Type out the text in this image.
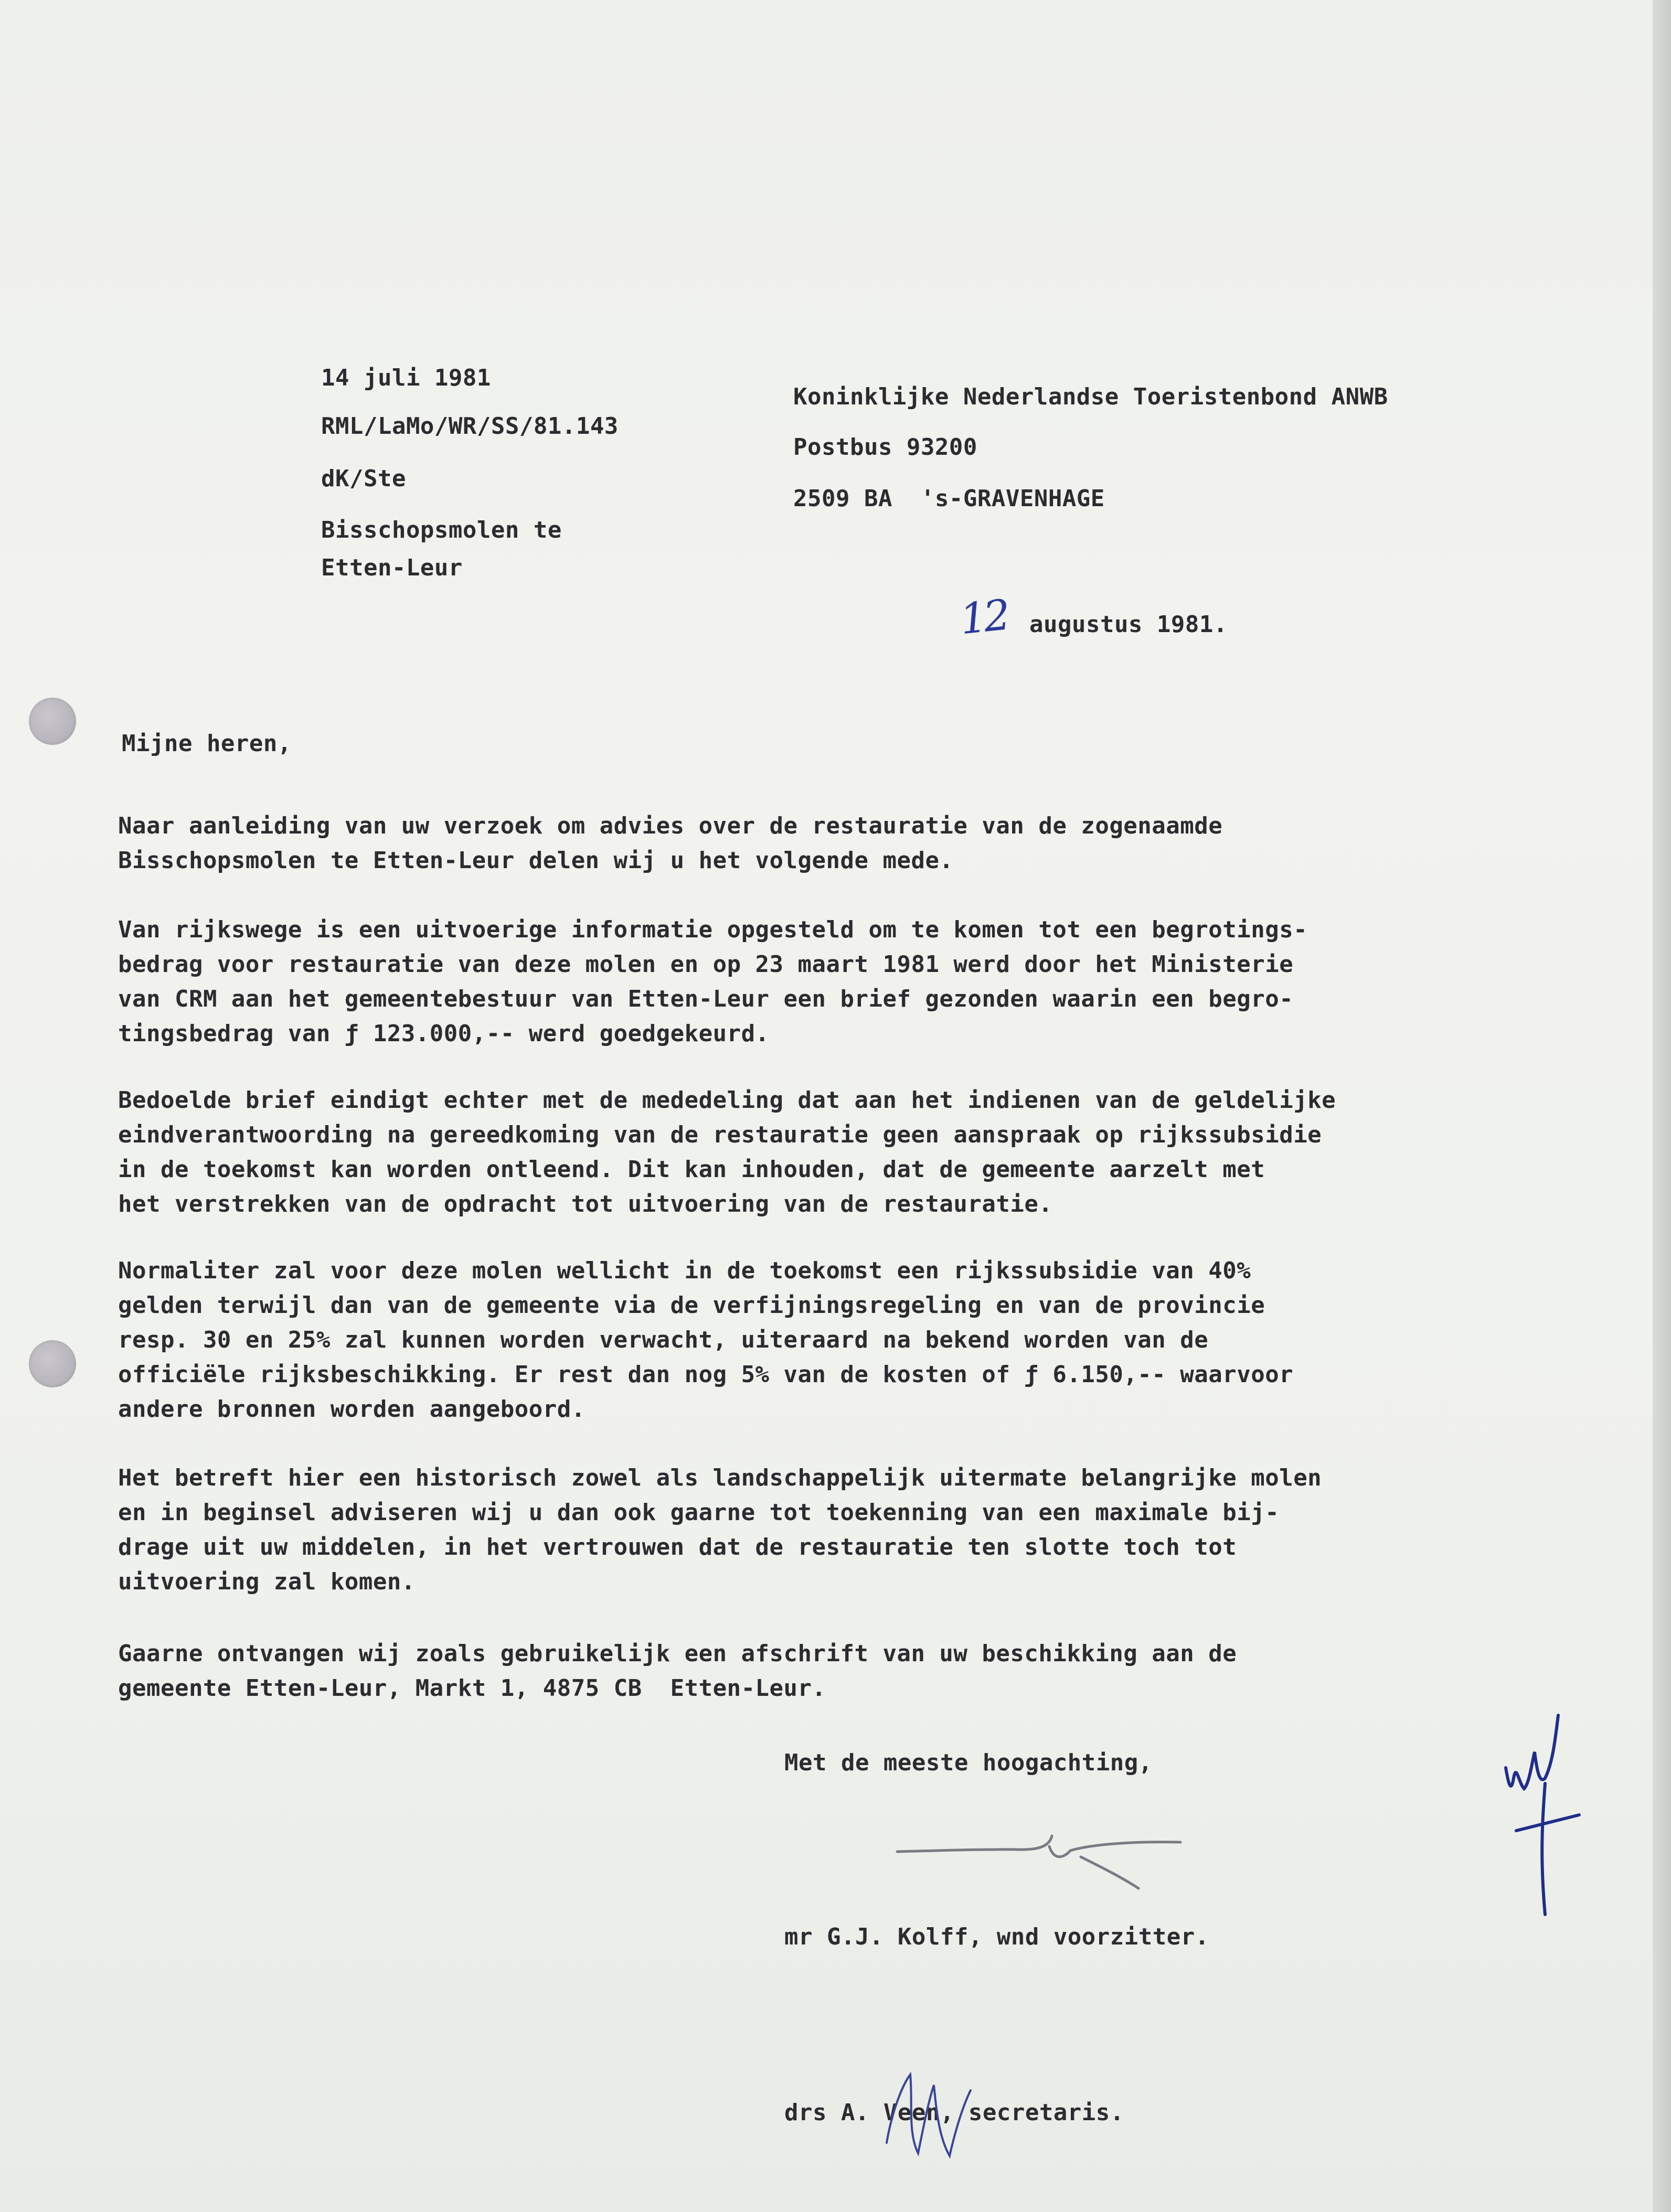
14 juli 1981
RML/LaMo/WR/SS/81.143
dK/Ste
Bisschopsmolen te
Etten-Leur
Koninklijke Nederlandse Toeristenbond ANWB
Postbus 93200
2509 BA  's-GRAVENHAGE
12 augustus 1981.
Mijne heren,
Naar aanleiding van uw verzoek om advies over de restauratie van de zogenaamde
Bisschopsmolen te Etten-Leur delen wij u het volgende mede.
Van rijkswege is een uitvoerige informatie opgesteld om te komen tot een begrotings-
bedrag voor restauratie van deze molen en op 23 maart 1981 werd door het Ministerie
van CRM aan het gemeentebestuur van Etten-Leur een brief gezonden waarin een begro-
tingsbedrag van ƒ 123.000,-- werd goedgekeurd.
Bedoelde brief eindigt echter met de mededeling dat aan het indienen van de geldelijke
eindverantwoording na gereedkoming van de restauratie geen aanspraak op rijkssubsidie
in de toekomst kan worden ontleend. Dit kan inhouden, dat de gemeente aarzelt met
het verstrekken van de opdracht tot uitvoering van de restauratie.
Normaliter zal voor deze molen wellicht in de toekomst een rijkssubsidie van 40%
gelden terwijl dan van de gemeente via de verfijningsregeling en van de provincie
resp. 30 en 25% zal kunnen worden verwacht, uiteraard na bekend worden van de
officiële rijksbeschikking. Er rest dan nog 5% van de kosten of ƒ 6.150,-- waarvoor
andere bronnen worden aangeboord.
Het betreft hier een historisch zowel als landschappelijk uitermate belangrijke molen
en in beginsel adviseren wij u dan ook gaarne tot toekenning van een maximale bij-
drage uit uw middelen, in het vertrouwen dat de restauratie ten slotte toch tot
uitvoering zal komen.
Gaarne ontvangen wij zoals gebruikelijk een afschrift van uw beschikking aan de
gemeente Etten-Leur, Markt 1, 4875 CB  Etten-Leur.
Met de meeste hoogachting,
mr G.J. Kolff, wnd voorzitter.
drs A. Veen, secretaris.
